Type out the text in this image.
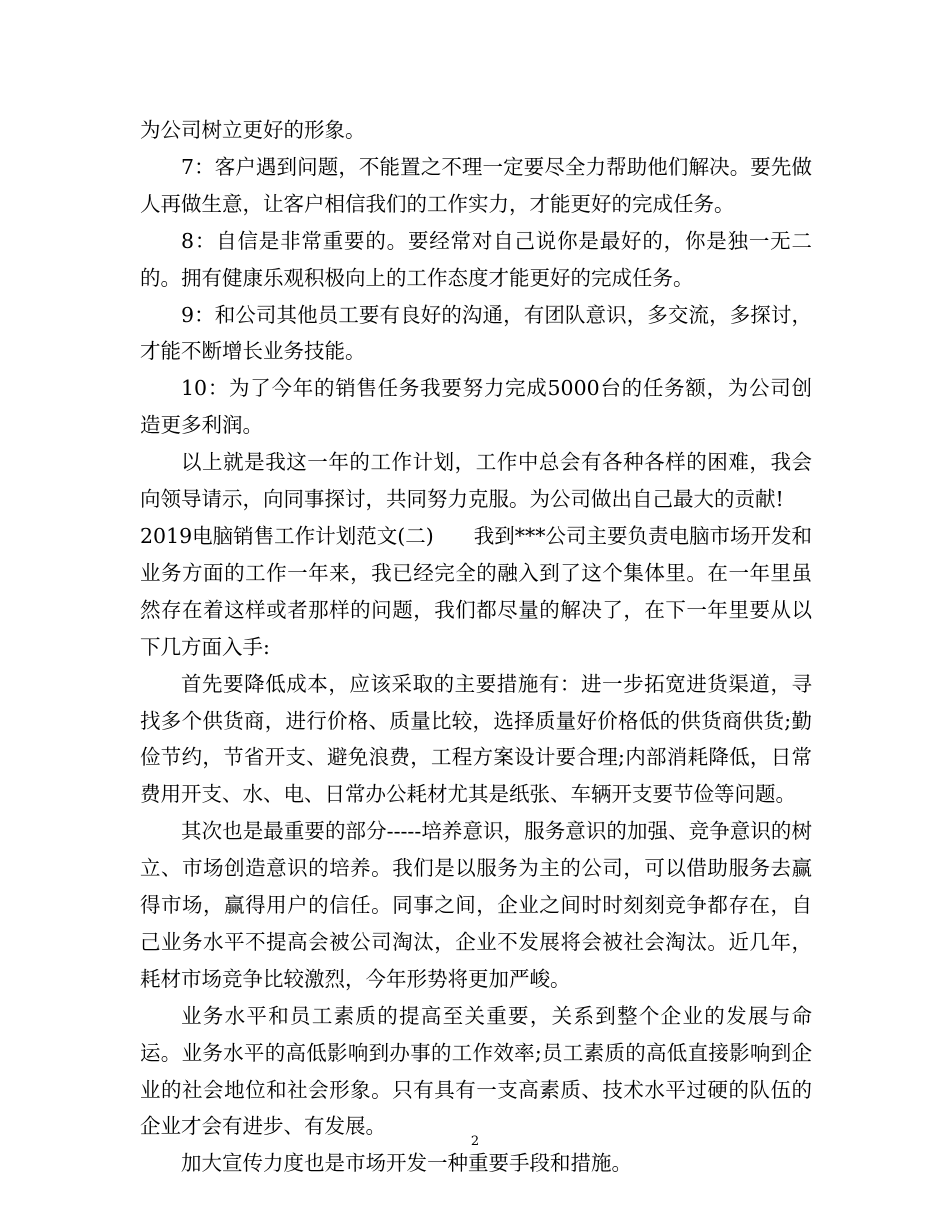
为公司树立更好的形象。

7：客户遇到问题，不能置之不理一定要尽全力帮助他们解决。要先做人再做生意，让客户相信我们的工作实力，才能更好的完成任务。

8：自信是非常重要的。要经常对自己说你是最好的，你是独一无二的。拥有健康乐观积极向上的工作态度才能更好的完成任务。

9：和公司其他员工要有良好的沟通，有团队意识，多交流，多探讨，才能不断增长业务技能。

10：为了今年的销售任务我要努力完成5000台的任务额，为公司创造更多利润。

以上就是我这一年的工作计划，工作中总会有各种各样的困难，我会向领导请示，向同事探讨，共同努力克服。为公司做出自己最大的贡献!

2019电脑销售工作计划范文(二) 我到***公司主要负责电脑市场开发和业务方面的工作一年来，我已经完全的融入到了这个集体里。在一年里虽然存在着这样或者那样的问题，我们都尽量的解决了，在下一年里要从以下几方面入手:

首先要降低成本，应该采取的主要措施有：进一步拓宽进货渠道，寻找多个供货商，进行价格、质量比较，选择质量好价格低的供货商供货;勤俭节约，节省开支、避免浪费，工程方案设计要合理;内部消耗降低，日常费用开支、水、电、日常办公耗材尤其是纸张、车辆开支要节俭等问题。

其次也是最重要的部分-----培养意识，服务意识的加强、竞争意识的树立、市场创造意识的培养。我们是以服务为主的公司，可以借助服务去赢得市场，赢得用户的信任。同事之间，企业之间时时刻刻竞争都存在，自己业务水平不提高会被公司淘汰，企业不发展将会被社会淘汰。近几年，耗材市场竞争比较激烈，今年形势将更加严峻。

业务水平和员工素质的提高至关重要，关系到整个企业的发展与命运。业务水平的高低影响到办事的工作效率;员工素质的高低直接影响到企业的社会地位和社会形象。只有具有一支高素质、技术水平过硬的队伍的企业才会有进步、有发展。

加大宣传力度也是市场开发一种重要手段和措施。

2
